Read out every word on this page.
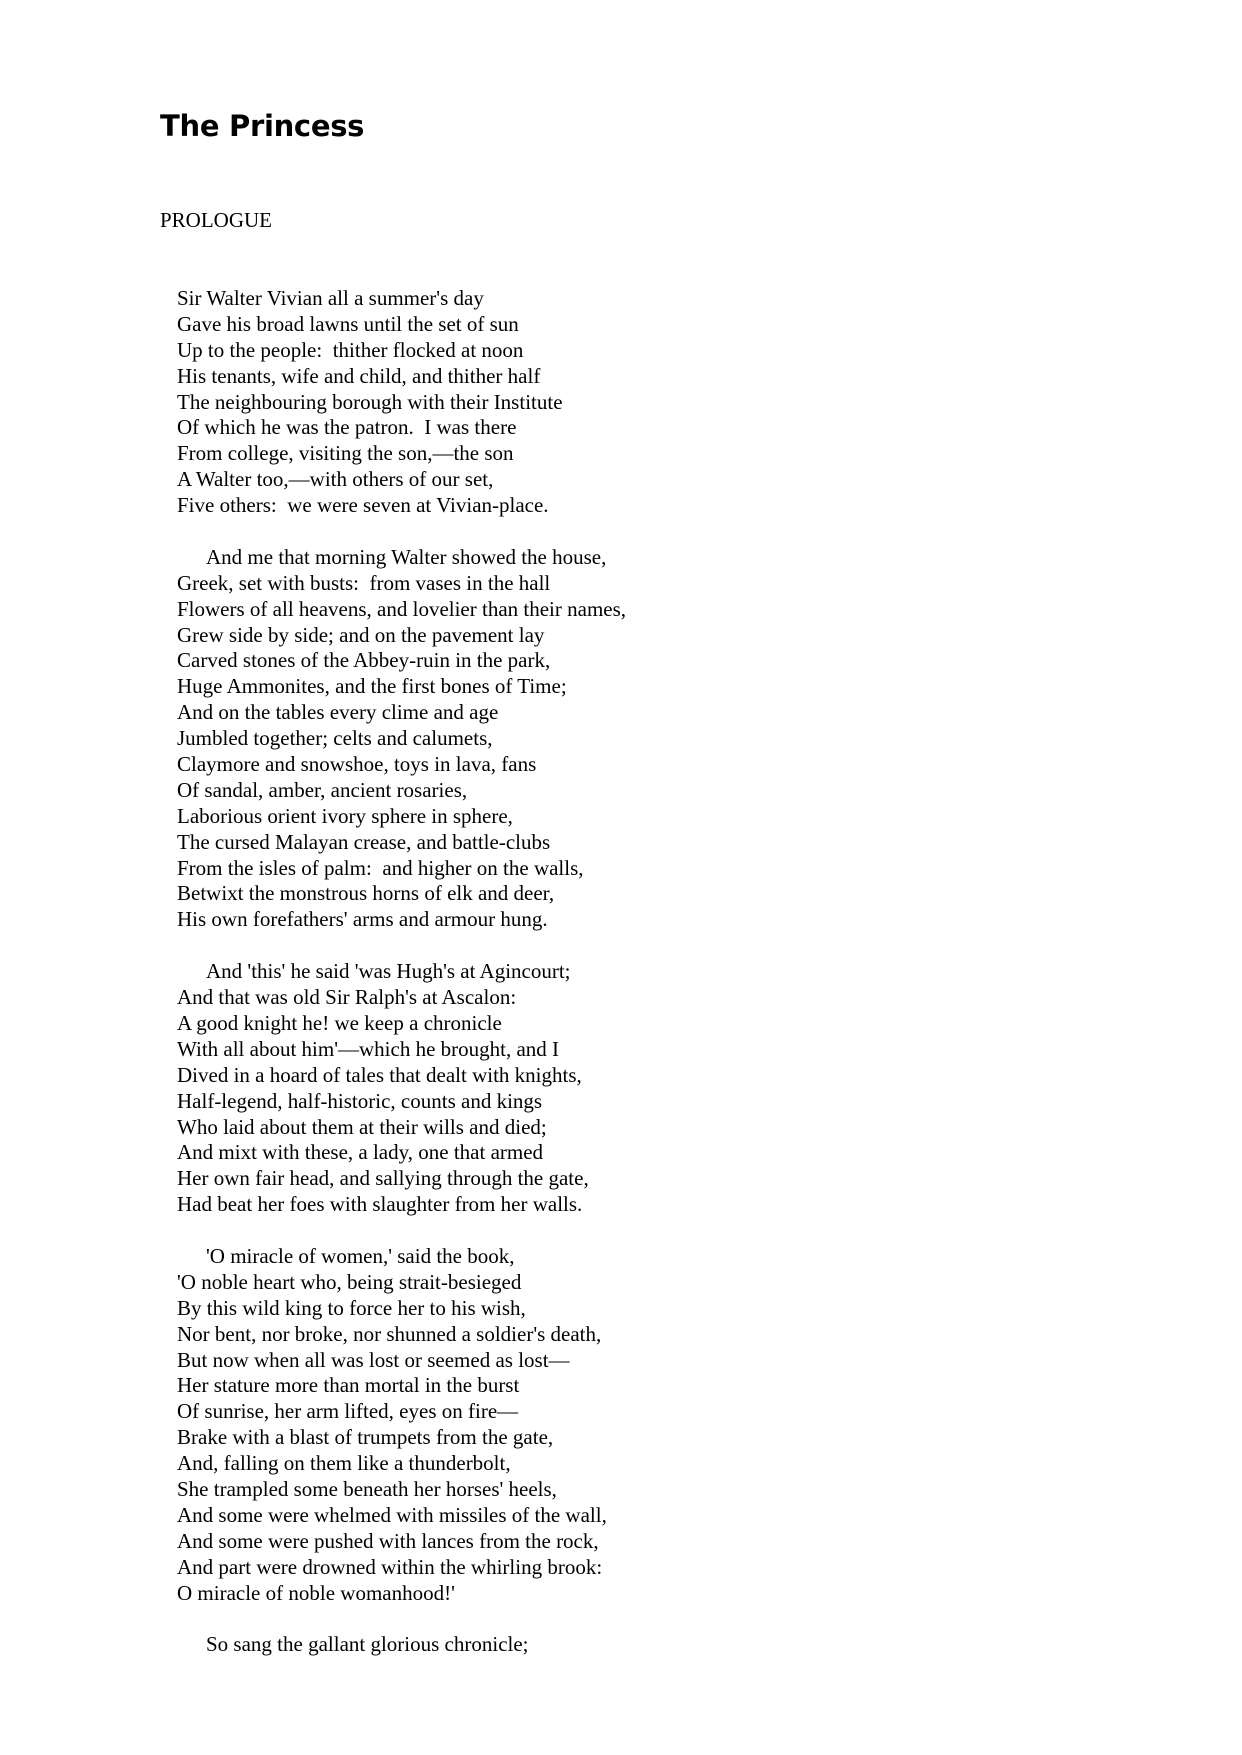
The Princess
PROLOGUE
Sir Walter Vivian all a summer's day
Gave his broad lawns until the set of sun
Up to the people:  thither flocked at noon
His tenants, wife and child, and thither half
The neighbouring borough with their Institute
Of which he was the patron.  I was there
From college, visiting the son,—the son
A Walter too,—with others of our set,
Five others:  we were seven at Vivian-place.
And me that morning Walter showed the house,
Greek, set with busts:  from vases in the hall
Flowers of all heavens, and lovelier than their names,
Grew side by side; and on the pavement lay
Carved stones of the Abbey-ruin in the park,
Huge Ammonites, and the first bones of Time;
And on the tables every clime and age
Jumbled together; celts and calumets,
Claymore and snowshoe, toys in lava, fans
Of sandal, amber, ancient rosaries,
Laborious orient ivory sphere in sphere,
The cursed Malayan crease, and battle-clubs
From the isles of palm:  and higher on the walls,
Betwixt the monstrous horns of elk and deer,
His own forefathers' arms and armour hung.
And 'this' he said 'was Hugh's at Agincourt;
And that was old Sir Ralph's at Ascalon:
A good knight he! we keep a chronicle
With all about him'—which he brought, and I
Dived in a hoard of tales that dealt with knights,
Half-legend, half-historic, counts and kings
Who laid about them at their wills and died;
And mixt with these, a lady, one that armed
Her own fair head, and sallying through the gate,
Had beat her foes with slaughter from her walls.
'O miracle of women,' said the book,
'O noble heart who, being strait-besieged
By this wild king to force her to his wish,
Nor bent, nor broke, nor shunned a soldier's death,
But now when all was lost or seemed as lost—
Her stature more than mortal in the burst
Of sunrise, her arm lifted, eyes on fire—
Brake with a blast of trumpets from the gate,
And, falling on them like a thunderbolt,
She trampled some beneath her horses' heels,
And some were whelmed with missiles of the wall,
And some were pushed with lances from the rock,
And part were drowned within the whirling brook:
O miracle of noble womanhood!'
So sang the gallant glorious chronicle;
